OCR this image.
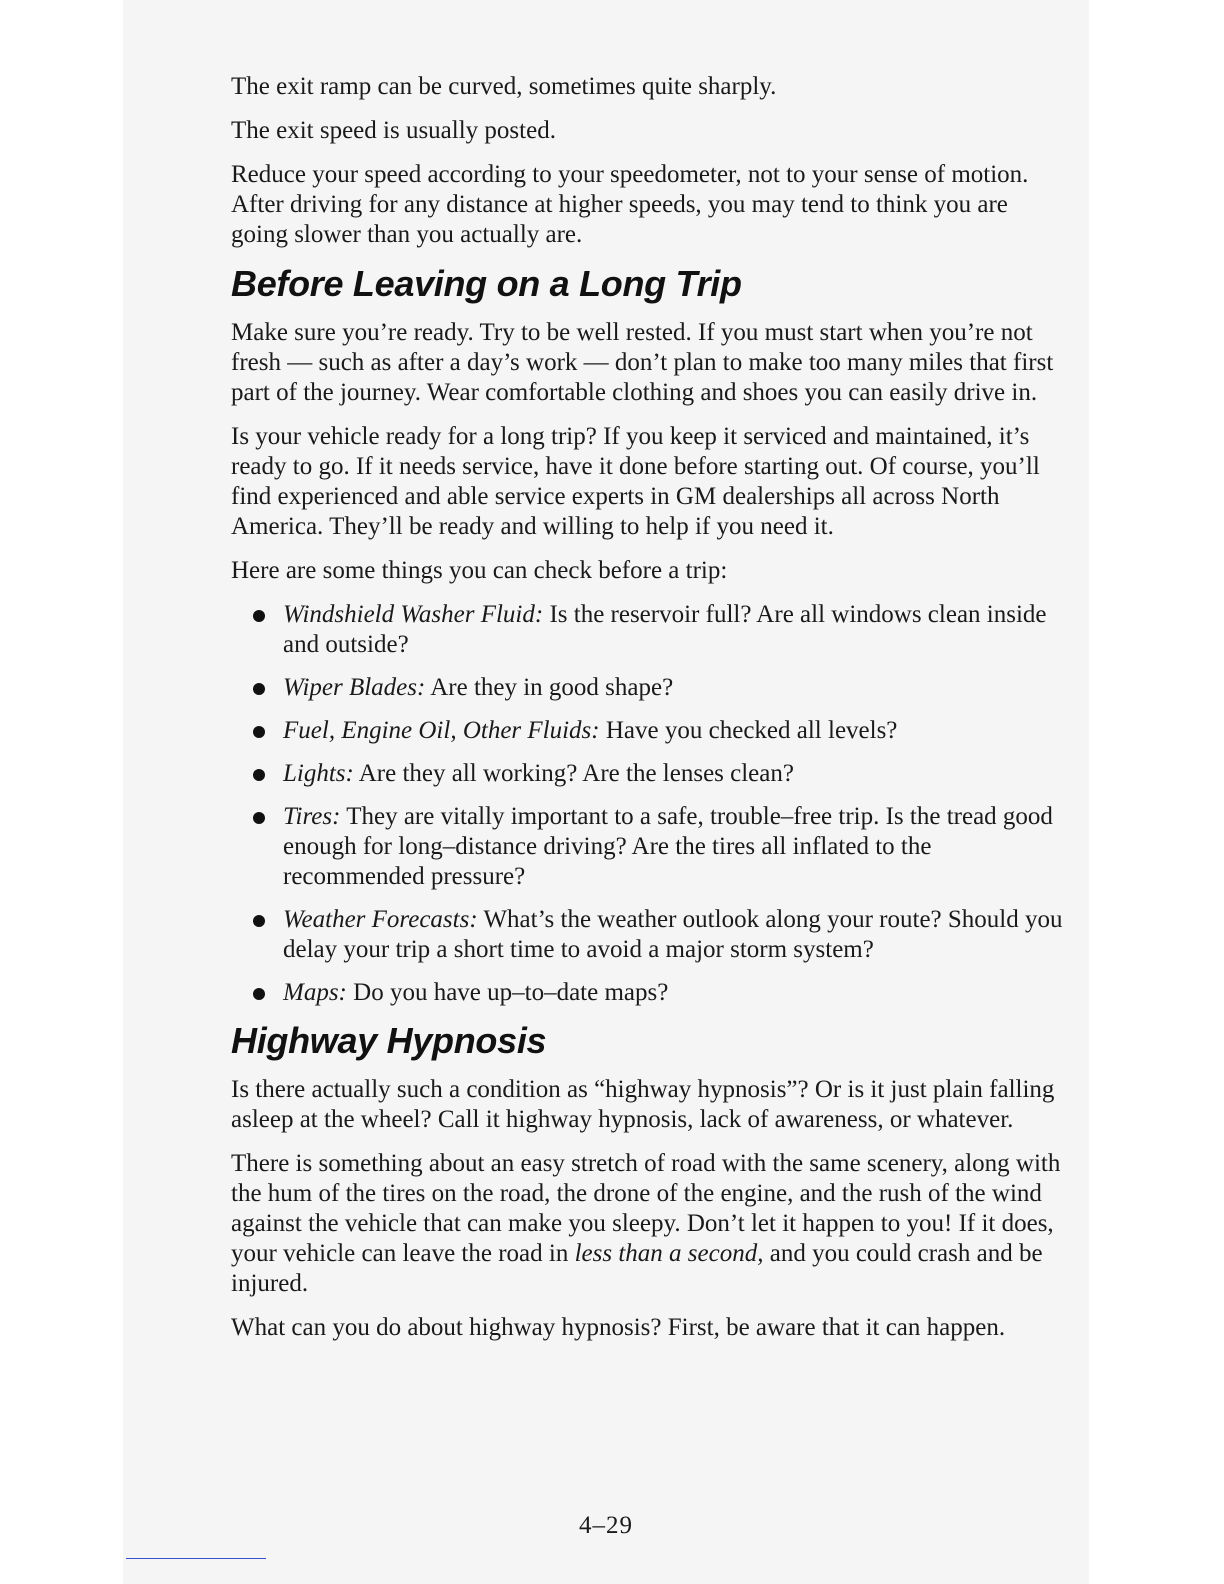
The exit ramp can be curved, sometimes quite sharply.

The exit speed is usually posted.

Reduce your speed according to your speedometer, not to your sense of motion. After driving for any distance at higher speeds, you may tend to think you are going slower than you actually are.

Before Leaving on a Long Trip

Make sure you’re ready. Try to be well rested. If you must start when you’re not fresh — such as after a day’s work — don’t plan to make too many miles that first part of the journey. Wear comfortable clothing and shoes you can easily drive in.

Is your vehicle ready for a long trip? If you keep it serviced and maintained, it’s ready to go. If it needs service, have it done before starting out. Of course, you’ll find experienced and able service experts in GM dealerships all across North America. They’ll be ready and willing to help if you need it.

Here are some things you can check before a trip:

Windshield Washer Fluid: Is the reservoir full? Are all windows clean inside and outside?
Wiper Blades: Are they in good shape?
Fuel, Engine Oil, Other Fluids: Have you checked all levels?
Lights: Are they all working? Are the lenses clean?
Tires: They are vitally important to a safe, trouble–free trip. Is the tread good enough for long–distance driving? Are the tires all inflated to the recommended pressure?
Weather Forecasts: What’s the weather outlook along your route? Should you delay your trip a short time to avoid a major storm system?
Maps: Do you have up–to–date maps?
Highway Hypnosis

Is there actually such a condition as “highway hypnosis”? Or is it just plain falling asleep at the wheel? Call it highway hypnosis, lack of awareness, or whatever.

There is something about an easy stretch of road with the same scenery, along with the hum of the tires on the road, the drone of the engine, and the rush of the wind against the vehicle that can make you sleepy. Don’t let it happen to you! If it does, your vehicle can leave the road in less than a second, and you could crash and be injured.

What can you do about highway hypnosis? First, be aware that it can happen.

4–29
